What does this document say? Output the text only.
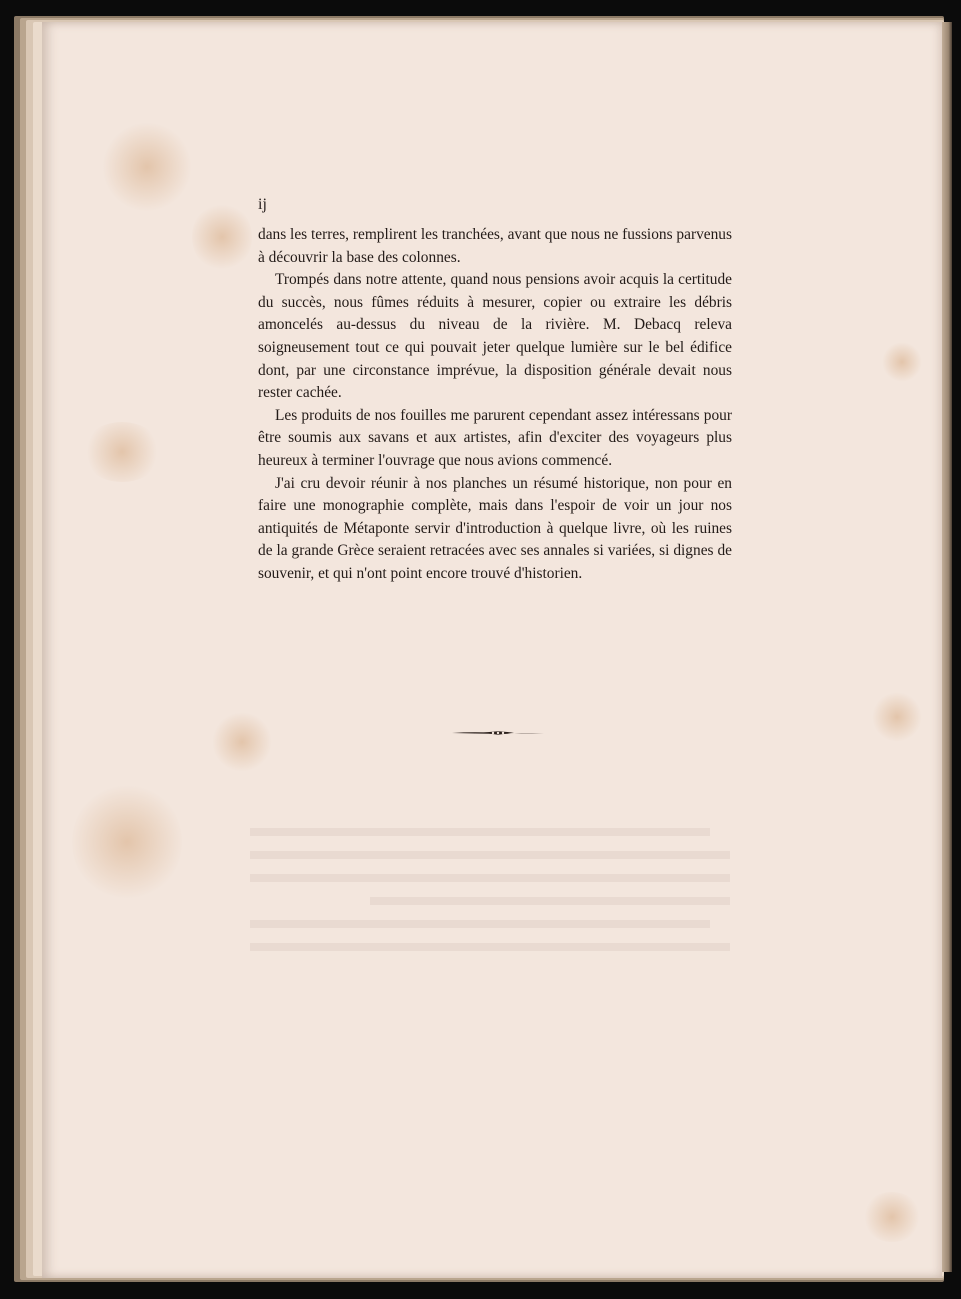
ij

dans les terres, remplirent les tranchées, avant que nous ne fussions parvenus à découvrir la base des colonnes.

Trompés dans notre attente, quand nous pensions avoir acquis la certitude du succès, nous fûmes réduits à mesurer, copier ou extraire les débris amoncelés au-dessus du niveau de la rivière. M. Debacq releva soigneusement tout ce qui pouvait jeter quelque lumière sur le bel édifice dont, par une circonstance imprévue, la disposition générale devait nous rester cachée.

Les produits de nos fouilles me parurent cependant assez intéressans pour être soumis aux savans et aux artistes, afin d'exciter des voyageurs plus heureux à terminer l'ouvrage que nous avions commencé.

J'ai cru devoir réunir à nos planches un résumé historique, non pour en faire une monographie complète, mais dans l'espoir de voir un jour nos antiquités de Métaponte servir d'introduction à quelque livre, où les ruines de la grande Grèce seraient retracées avec ses annales si variées, si dignes de souvenir, et qui n'ont point encore trouvé d'historien.
